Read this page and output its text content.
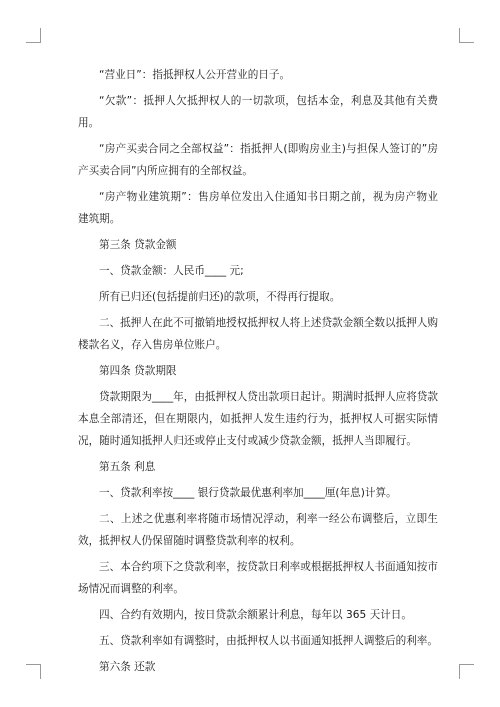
“营业日”：指抵押权人公开营业的日子。

“欠款”：抵押人欠抵押权人的一切款项，包括本金，利息及其他有关费用。

“房产买卖合同之全部权益”：指抵押人(即购房业主)与担保人签订的”房产买卖合同”内所应拥有的全部权益。

“房产物业建筑期”：售房单位发出入住通知书日期之前，视为房产物业建筑期。

第三条 贷款金额

一、贷款金额：人民币____ 元;

所有已归还(包括提前归还)的款项，不得再行提取。

二、抵押人在此不可撤销地授权抵押权人将上述贷款金额全数以抵押人购楼款名义，存入售房单位账户。

第四条 贷款期限

贷款期限为____年，由抵押权人贷出款项日起计。期满时抵押人应将贷款本息全部清还，但在期限内，如抵押人发生违约行为，抵押权人可据实际情况，随时通知抵押人归还或停止支付或减少贷款金额，抵押人当即履行。

第五条 利息

一、贷款利率按____ 银行贷款最优惠利率加____厘(年息)计算。

二、上述之优惠利率将随市场情况浮动，利率一经公布调整后，立即生效，抵押权人仍保留随时调整贷款利率的权利。

三、本合约项下之贷款利率，按贷款日利率或根据抵押权人书面通知按市场情况而调整的利率。

四、合约有效期内，按日贷款余额累计利息，每年以 365 天计日。

五、贷款利率如有调整时，由抵押权人以书面通知抵押人调整后的利率。

第六条 还款
